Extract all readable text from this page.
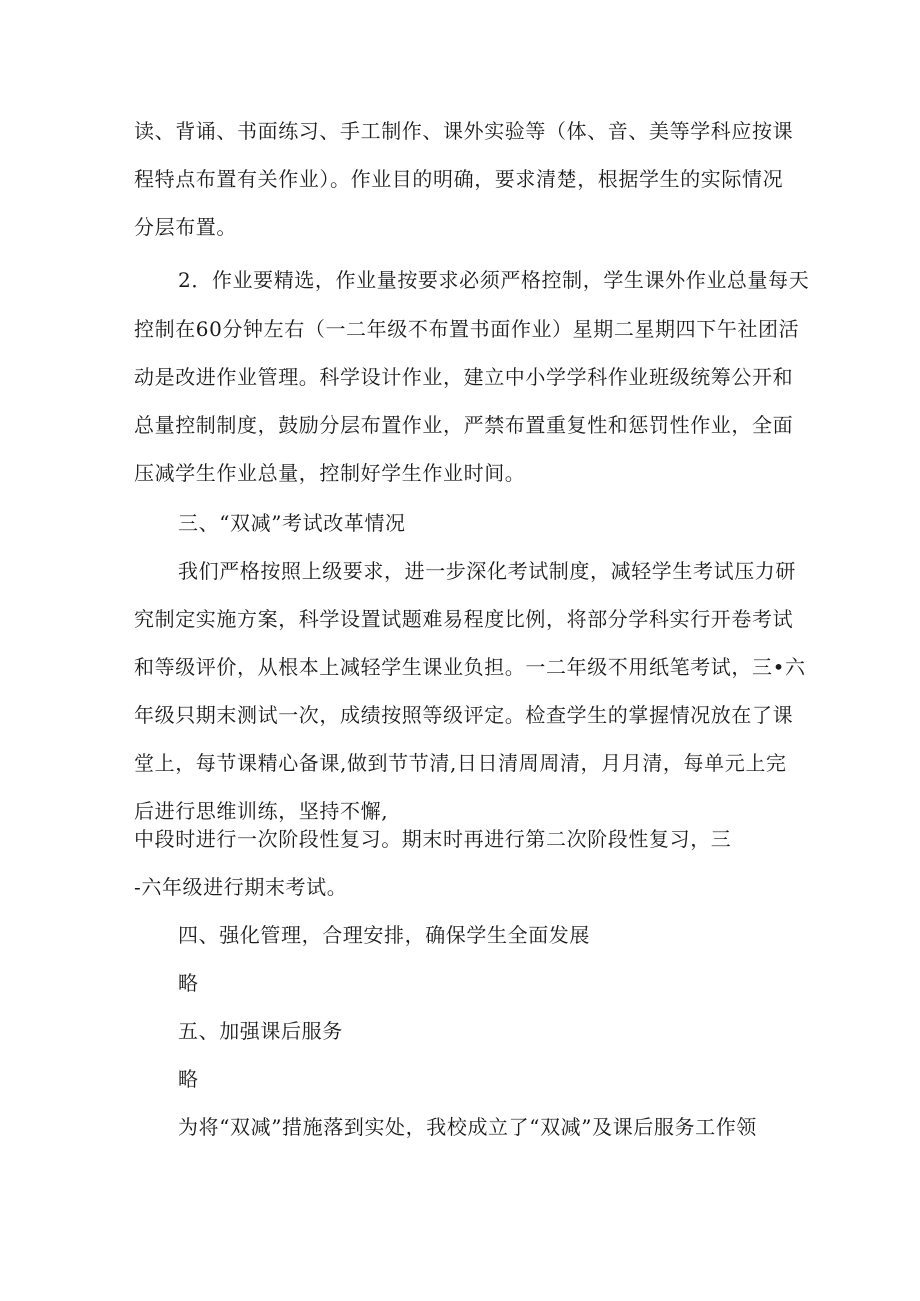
读、背诵、书面练习、手工制作、课外实验等（体、音、美等学科应按课

程特点布置有关作业）。作业目的明确，要求清楚，根据学生的实际情况

分层布置。

2．作业要精选，作业量按要求必须严格控制，学生课外作业总量每天

控制在60分钟左右（一二年级不布置书面作业）星期二星期四下午社团活

动是改进作业管理。科学设计作业，建立中小学学科作业班级统筹公开和

总量控制制度，鼓励分层布置作业，严禁布置重复性和惩罚性作业，全面

压减学生作业总量，控制好学生作业时间。

三、“双减”考试改革情况

我们严格按照上级要求，进一步深化考试制度，减轻学生考试压力研

究制定实施方案，科学设置试题难易程度比例，将部分学科实行开卷考试

和等级评价，从根本上减轻学生课业负担。一二年级不用纸笔考试，三•六

年级只期末测试一次，成绩按照等级评定。检查学生的掌握情况放在了课

堂上，每节课精心备课,做到节节清,日日清周周清，月月清，每单元上完

后进行思维训练，坚持不懈,

中段时进行一次阶段性复习。期末时再进行第二次阶段性复习，三

-六年级进行期末考试。

四、强化管理，合理安排，确保学生全面发展

略

五、加强课后服务

略

为将“双减”措施落到实处，我校成立了“双减”及课后服务工作领
